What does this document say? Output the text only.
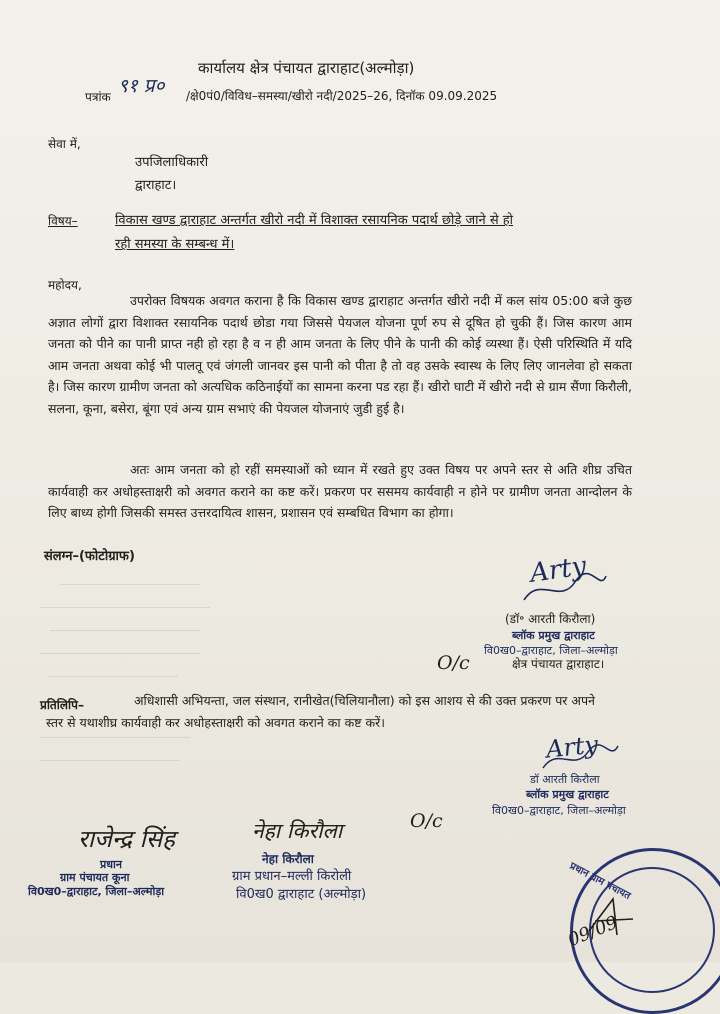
कार्यालय क्षेत्र पंचायत द्वाराहाट(अल्मोड़ा)
पत्रांक ९१ प्र० /क्षे0पं0/विविध–समस्या/खीरो नदी/2025–26, दिनॉक 09.09.2025
सेवा में,
उपजिलाधिकारी
द्वाराहाट।
विषय–	विकास खण्ड द्वाराहाट अन्तर्गत खीरो नदी में विशाक्त रसायनिक पदार्थ छोड़े जाने से हो
रही समस्या के सम्बन्ध में।
महोदय,
उपरोक्त विषयक अवगत कराना है कि विकास खण्ड द्वाराहाट अन्तर्गत खीरो नदी में कल सांय 05:00 बजे कुछ अज्ञात लोगों द्वारा विशाक्त रसायनिक पदार्थ छोडा गया जिससे पेयजल योजना पूर्ण रुप से दूषित हो चुकी हैं। जिस कारण आम जनता को पीने का पानी प्राप्त नही हो रहा है व न ही आम जनता के लिए पीने के पानी की कोई व्यस्था हैं। ऐसी परिस्थिति में यदि आम जनता अथवा कोई भी पालतू एवं जंगली जानवर इस पानी को पीता है तो वह उसके स्वास्थ के लिए लिए जानलेवा हो सकता है। जिस कारण ग्रामीण जनता को अत्यधिक कठिनाईयों का सामना करना पड रहा हैं। खीरो घाटी में खीरो नदी से ग्राम सैंणा किरौली, सलना, कूना, बसेरा, बूंगा एवं अन्य ग्राम सभाएं की पेयजल योजनाएं जुडी हुई है।
अतः आम जनता को हो रहीं समस्याओं को ध्यान में रखते हुए उक्त विषय पर अपने स्तर से अति शीघ्र उचित कार्यवाही कर अधोहस्ताक्षरी को अवगत कराने का कष्ट करें। प्रकरण पर ससमय कार्यवाही न होने पर ग्रामीण जनता आन्दोलन के लिए बाध्य होगी जिसकी समस्त उत्तरदायित्व शासन, प्रशासन एवं सम्बधित विभाग का होगा।
संलग्न–(फोटोग्राफ)	Arty
(डॉ॰ आरती किरौला)
ब्लॉक प्रमुख द्वाराहाट
वि0ख0–द्वाराहाट, जिला–अल्मोड़ा
क्षेत्र पंचायत द्वाराहाट।
O/c
प्रतिलिपि–	अधिशासी अभियन्ता, जल संस्थान, रानीखेत(चिलियानौला) को इस आशय से की उक्त प्रकरण पर अपने स्तर से यथाशीघ्र कार्यवाही कर अधोहस्ताक्षरी को अवगत कराने का कष्ट करें।
Arty
डॉ आरती किरौला
ब्लॉक प्रमुख द्वाराहाट
वि0ख0–द्वाराहाट, जिला–अल्मोड़ा
राजेन्द्र सिंह
प्रधान
ग्राम पंचायत कूना
वि0ख0–द्वाराहाट, जिला–अल्मोड़ा
नेहा किरौला
नेहा किरौला
ग्राम प्रधान–मल्ली किरोली
वि0ख0 द्वाराहाट (अल्मोड़ा)
O/c
प्रधान ग्राम पंचायत
09/09
